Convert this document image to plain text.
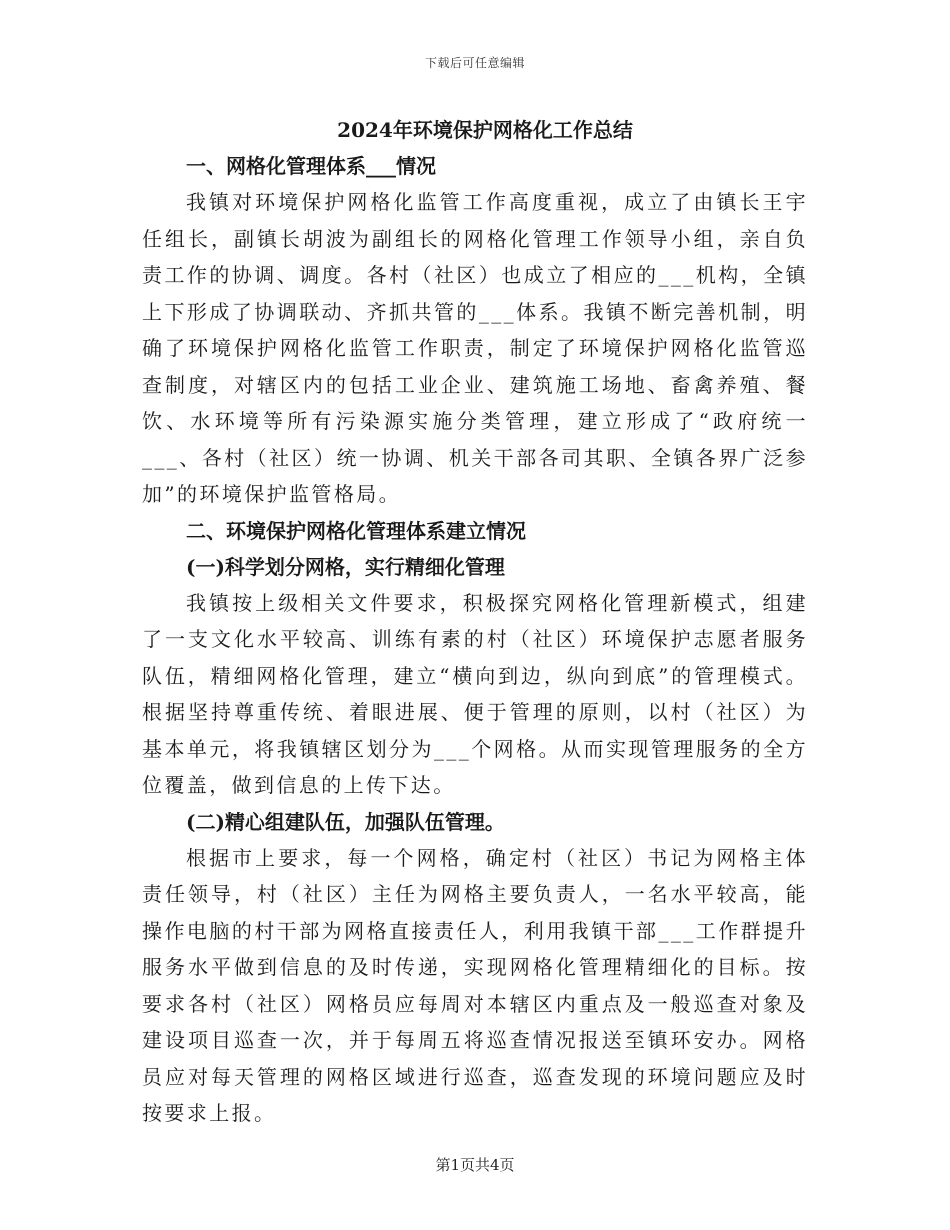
下载后可任意编辑
2024年环境保护网格化工作总结
一、网格化管理体系___情况

我镇对环境保护网格化监管工作高度重视，成立了由镇长王宇任组长，副镇长胡波为副组长的网格化管理工作领导小组，亲自负责工作的协调、调度。各村（社区）也成立了相应的___机构，全镇上下形成了协调联动、齐抓共管的___体系。我镇不断完善机制，明确了环境保护网格化监管工作职责，制定了环境保护网格化监管巡查制度，对辖区内的包括工业企业、建筑施工场地、畜禽养殖、餐饮、水环境等所有污染源实施分类管理，建立形成了“政府统一___、各村（社区）统一协调、机关干部各司其职、全镇各界广泛参加”的环境保护监管格局。

二、环境保护网格化管理体系建立情况
(一)科学划分网格，实行精细化管理

我镇按上级相关文件要求，积极探究网格化管理新模式，组建了一支文化水平较高、训练有素的村（社区）环境保护志愿者服务队伍，精细网格化管理，建立“横向到边，纵向到底”的管理模式。根据坚持尊重传统、着眼进展、便于管理的原则，以村（社区）为基本单元，将我镇辖区划分为___个网格。从而实现管理服务的全方位覆盖，做到信息的上传下达。

(二)精心组建队伍，加强队伍管理。

根据市上要求，每一个网格，确定村（社区）书记为网格主体责任领导，村（社区）主任为网格主要负责人，一名水平较高，能操作电脑的村干部为网格直接责任人，利用我镇干部___工作群提升服务水平做到信息的及时传递，实现网格化管理精细化的目标。按要求各村（社区）网格员应每周对本辖区内重点及一般巡查对象及建设项目巡查一次，并于每周五将巡查情况报送至镇环安办。网格员应对每天管理的网格区域进行巡查，巡查发现的环境问题应及时按要求上报。

第1页共4页
